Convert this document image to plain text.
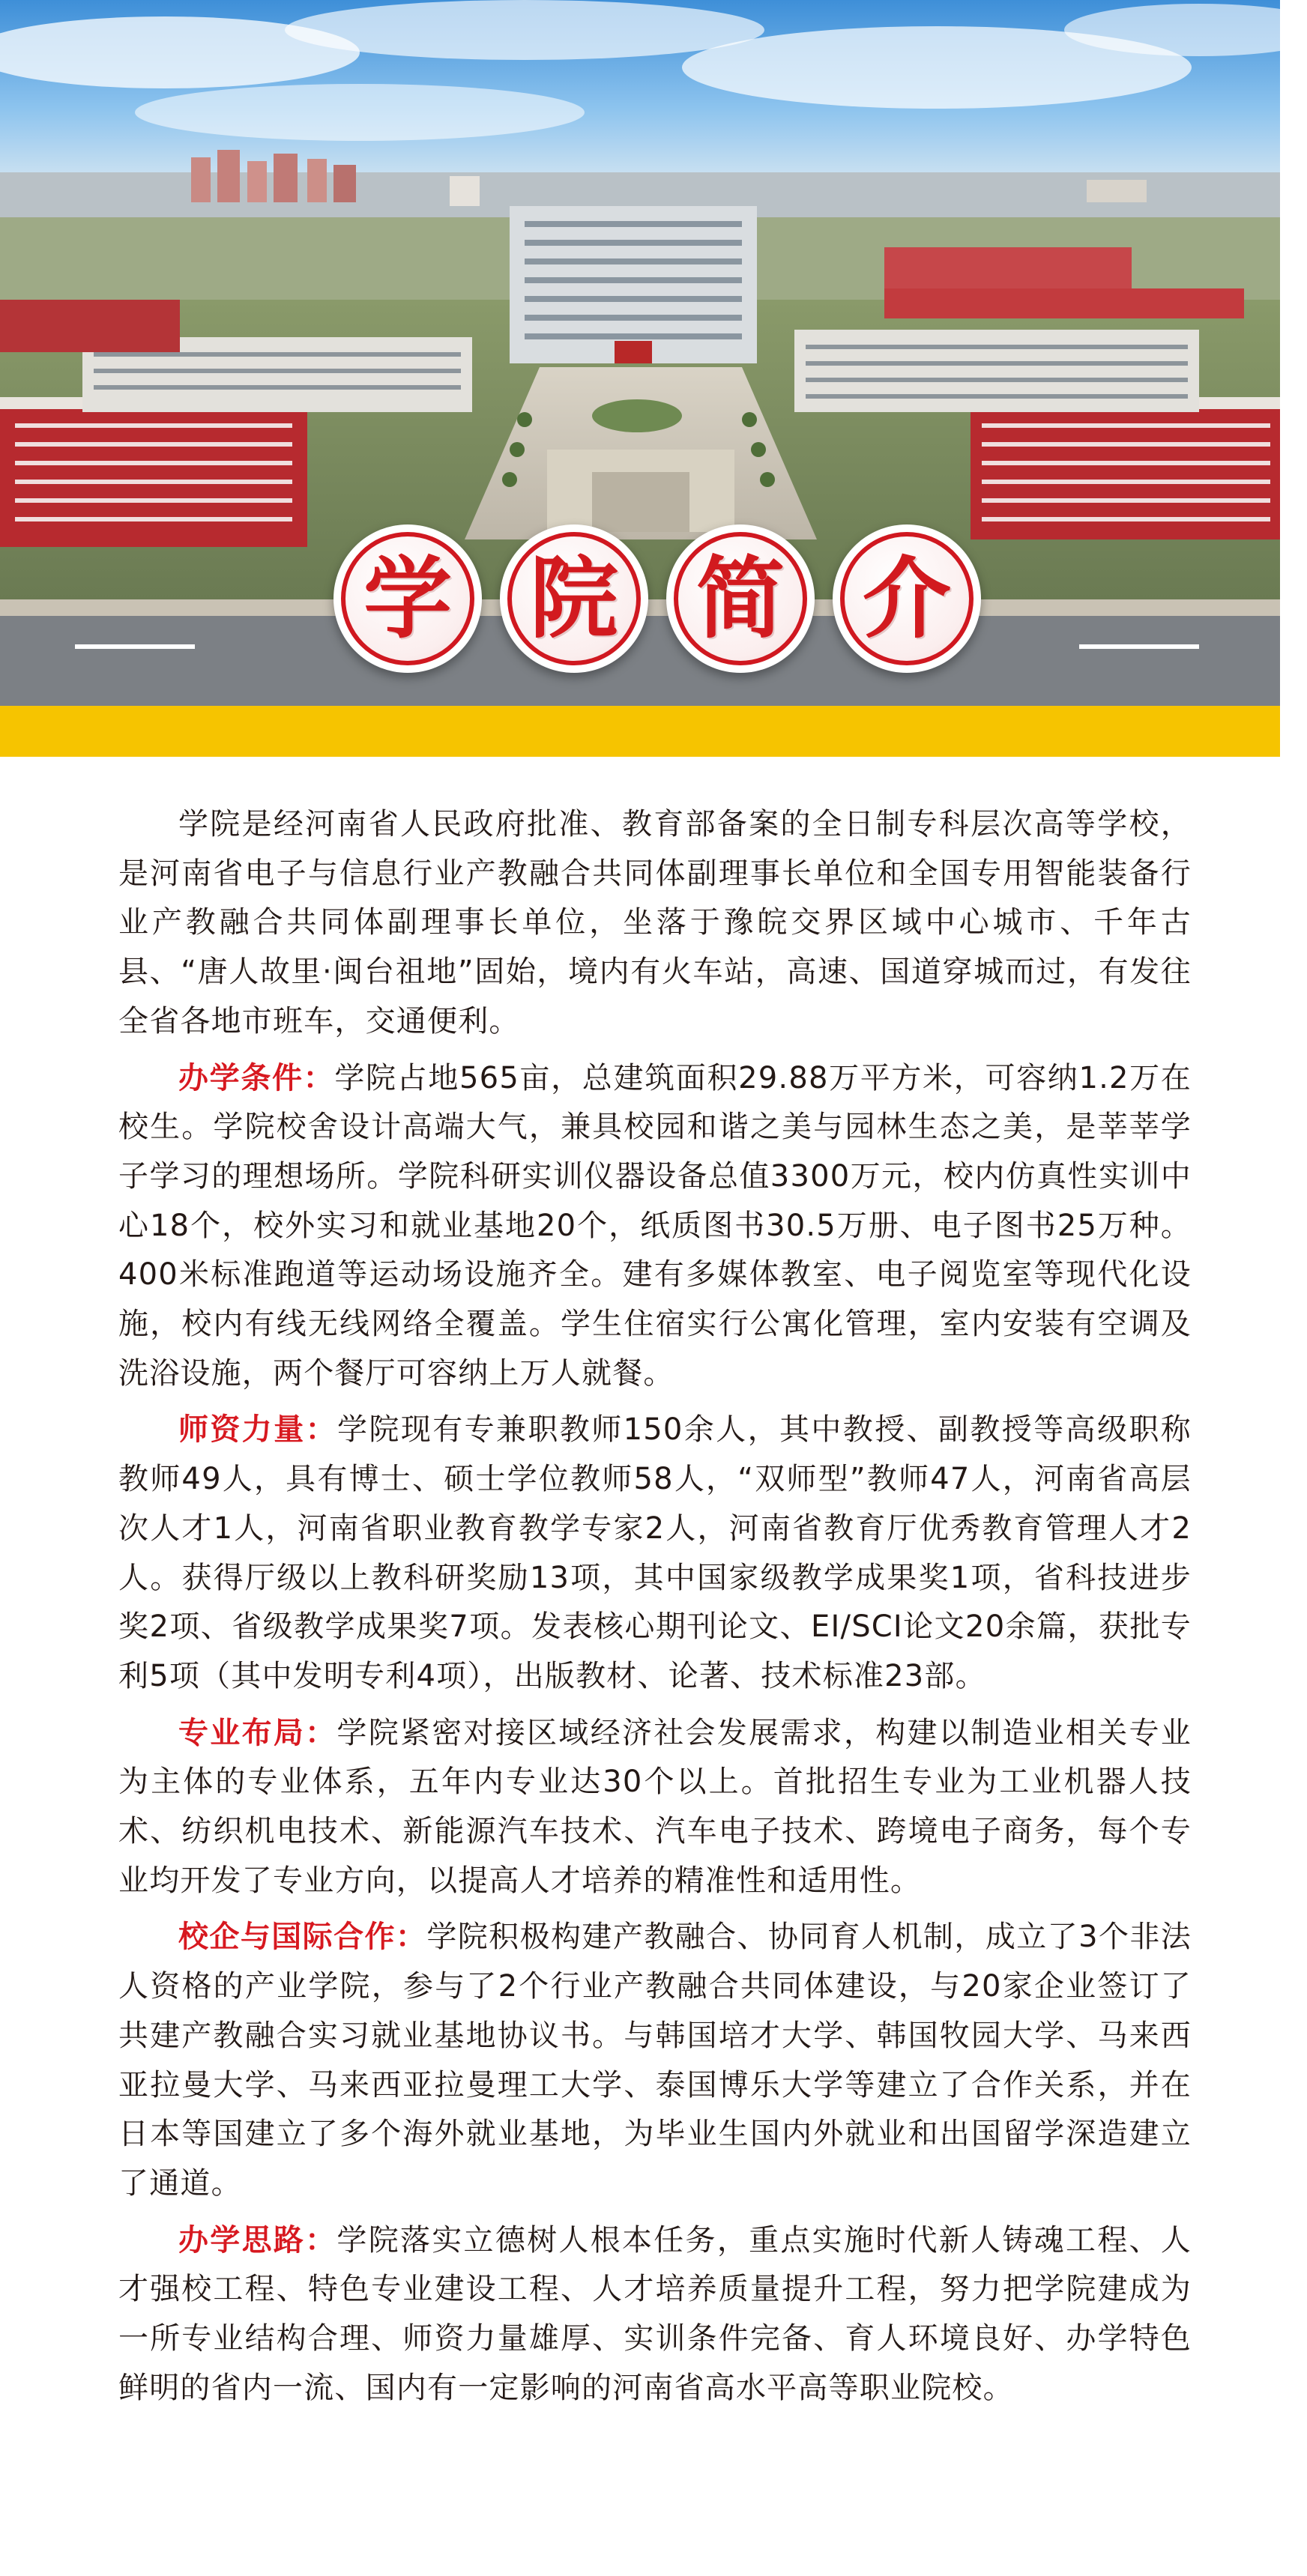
学 院 简 介

学院是经河南省人民政府批准、教育部备案的全日制专科层次高等学校，是河南省电子与信息行业产教融合共同体副理事长单位和全国专用智能装备行业产教融合共同体副理事长单位，坐落于豫皖交界区域中心城市、千年古县、“唐人故里·闽台祖地”固始，境内有火车站，高速、国道穿城而过，有发往全省各地市班车，交通便利。

办学条件：学院占地565亩，总建筑面积29.88万平方米，可容纳1.2万在校生。学院校舍设计高端大气，兼具校园和谐之美与园林生态之美，是莘莘学子学习的理想场所。学院科研实训仪器设备总值3300万元，校内仿真性实训中心18个，校外实习和就业基地20个，纸质图书30.5万册、电子图书25万种。400米标准跑道等运动场设施齐全。建有多媒体教室、电子阅览室等现代化设施，校内有线无线网络全覆盖。学生住宿实行公寓化管理，室内安装有空调及洗浴设施，两个餐厅可容纳上万人就餐。

师资力量：学院现有专兼职教师150余人，其中教授、副教授等高级职称教师49人，具有博士、硕士学位教师58人，“双师型”教师47人，河南省高层次人才1人，河南省职业教育教学专家2人，河南省教育厅优秀教育管理人才2人。获得厅级以上教科研奖励13项，其中国家级教学成果奖1项，省科技进步奖2项、省级教学成果奖7项。发表核心期刊论文、EI/SCI论文20余篇，获批专利5项（其中发明专利4项），出版教材、论著、技术标准23部。

专业布局：学院紧密对接区域经济社会发展需求，构建以制造业相关专业为主体的专业体系，五年内专业达30个以上。首批招生专业为工业机器人技术、纺织机电技术、新能源汽车技术、汽车电子技术、跨境电子商务，每个专业均开发了专业方向，以提高人才培养的精准性和适用性。

校企与国际合作：学院积极构建产教融合、协同育人机制，成立了3个非法人资格的产业学院，参与了2个行业产教融合共同体建设，与20家企业签订了共建产教融合实习就业基地协议书。与韩国培才大学、韩国牧园大学、马来西亚拉曼大学、马来西亚拉曼理工大学、泰国博乐大学等建立了合作关系，并在日本等国建立了多个海外就业基地，为毕业生国内外就业和出国留学深造建立了通道。

办学思路：学院落实立德树人根本任务，重点实施时代新人铸魂工程、人才强校工程、特色专业建设工程、人才培养质量提升工程，努力把学院建成为一所专业结构合理、师资力量雄厚、实训条件完备、育人环境良好、办学特色鲜明的省内一流、国内有一定影响的河南省高水平高等职业院校。
